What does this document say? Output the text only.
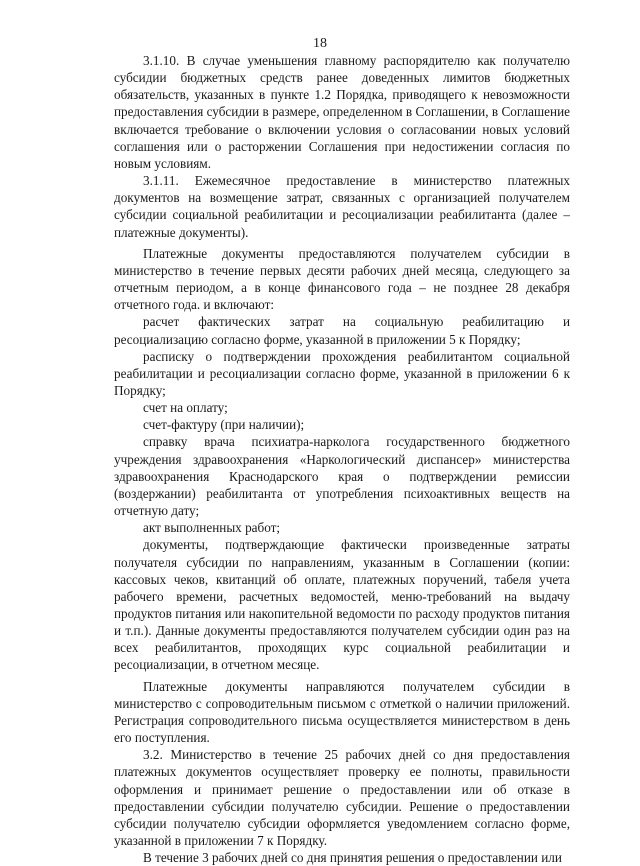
18

3.1.10. В случае уменьшения главному распорядителю как получателю субсидии бюджетных средств ранее доведенных лимитов бюджетных обязательств, указанных в пункте 1.2 Порядка, приводящего к невозможности предоставления субсидии в размере, определенном в Соглашении, в Соглашение включается требование о включении условия о согласовании новых условий соглашения или о расторжении Соглашения при недостижении согласия по новым условиям.

3.1.11. Ежемесячное предоставление в министерство платежных документов на возмещение затрат, связанных с организацией получателем субсидии социальной реабилитации и ресоциализации реабилитанта (далее – платежные документы).

Платежные документы предоставляются получателем субсидии в министерство в течение первых десяти рабочих дней месяца, следующего за отчетным периодом, а в конце финансового года – не позднее 28 декабря отчетного года. и включают:

расчет фактических затрат на социальную реабилитацию и ресоциализацию согласно форме, указанной в приложении 5 к Порядку;

расписку о подтверждении прохождения реабилитантом социальной реабилитации и ресоциализации согласно форме, указанной в приложении 6 к Порядку;

счет на оплату;

счет-фактуру (при наличии);

справку врача психиатра-нарколога государственного бюджетного учреждения здравоохранения «Наркологический диспансер» министерства здравоохранения Краснодарского края о подтверждении ремиссии (воздержании) реабилитанта от употребления психоактивных веществ на отчетную дату;

акт выполненных работ;

документы, подтверждающие фактически произведенные затраты получателя субсидии по направлениям, указанным в Соглашении (копии: кассовых чеков, квитанций об оплате, платежных поручений, табеля учета рабочего времени, расчетных ведомостей, меню-требований на выдачу продуктов питания или накопительной ведомости по расходу продуктов питания и т.п.). Данные документы предоставляются получателем субсидии один раз на всех реабилитантов, проходящих курс социальной реабилитации и ресоциализации, в отчетном месяце.

Платежные документы направляются получателем субсидии в министерство с сопроводительным письмом с отметкой о наличии приложений. Регистрация сопроводительного письма осуществляется министерством в день его поступления.

3.2. Министерство в течение 25 рабочих дней со дня предоставления платежных документов осуществляет проверку ее полноты, правильности оформления и принимает решение о предоставлении или об отказе в предоставлении субсидии получателю субсидии. Решение о предоставлении субсидии получателю субсидии оформляется уведомлением согласно форме, указанной в приложении 7 к Порядку.

В течение 3 рабочих дней со дня принятия решения о предоставлении или
